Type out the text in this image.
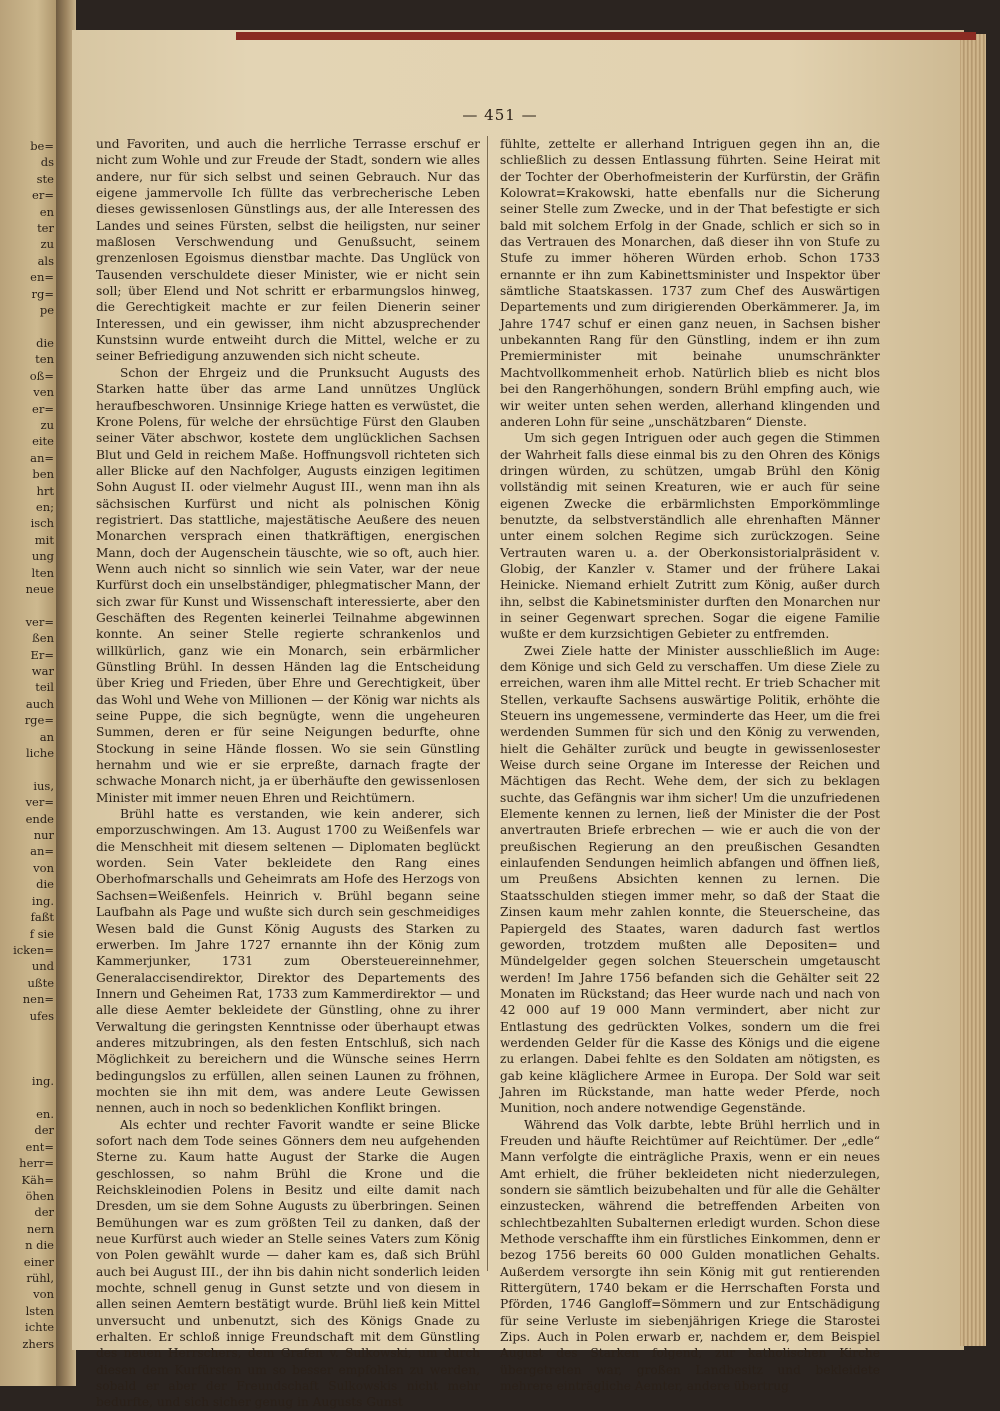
be=
ds
ste
er=
en
ter
zu
als
en=
rg=
pe

die
ten
oß=
ven
er=
zu
eite
an=
ben
hrt
en;
isch
mit
ung
lten
neue

ver=
ßen
Er=
war
teil
auch
rge=
an
liche

ius,
ver=
ende
nur
an=
von
die
ing.
faßt
f sie
icken=
und
ußte
nen=
ufes

ing.

en.
der
ent=
herr=
Käh=
öhen
der
nern
n die
einer
rühl,
von
lsten
ichte
zhers
— 451 —

und Favoriten, und auch die herrliche Terrasse erschuf er nicht zum Wohle und zur Freude der Stadt, sondern wie alles andere, nur für sich selbst und seinen Gebrauch. Nur das eigene jammervolle Ich füllte das verbrecherische Leben dieses gewissenlosen Günstlings aus, der alle Interessen des Landes und seines Fürsten, selbst die heiligsten, nur seiner maßlosen Verschwendung und Genußsucht, seinem grenzenlosen Egoismus dienstbar machte. Das Unglück von Tausenden verschuldete dieser Minister, wie er nicht sein soll; über Elend und Not schritt er erbarmungslos hinweg, die Gerechtigkeit machte er zur feilen Dienerin seiner Interessen, und ein gewisser, ihm nicht abzusprechender Kunstsinn wurde entweiht durch die Mittel, welche er zu seiner Befriedigung anzuwenden sich nicht scheute.

Schon der Ehrgeiz und die Prunksucht Augusts des Starken hatte über das arme Land unnützes Unglück heraufbeschworen. Unsinnige Kriege hatten es verwüstet, die Krone Polens, für welche der ehrsüchtige Fürst den Glauben seiner Väter abschwor, kostete dem unglücklichen Sachsen Blut und Geld in reichem Maße. Hoffnungsvoll richteten sich aller Blicke auf den Nachfolger, Augusts einzigen legitimen Sohn August II. oder vielmehr August III., wenn man ihn als sächsischen Kurfürst und nicht als polnischen König registriert. Das stattliche, majestätische Aeußere des neuen Monarchen versprach einen thatkräftigen, energischen Mann, doch der Augenschein täuschte, wie so oft, auch hier. Wenn auch nicht so sinnlich wie sein Vater, war der neue Kurfürst doch ein unselbständiger, phlegmatischer Mann, der sich zwar für Kunst und Wissenschaft interessierte, aber den Geschäften des Regenten keinerlei Teilnahme abgewinnen konnte. An seiner Stelle regierte schrankenlos und willkürlich, ganz wie ein Monarch, sein erbärmlicher Günstling Brühl. In dessen Händen lag die Entscheidung über Krieg und Frieden, über Ehre und Gerechtigkeit, über das Wohl und Wehe von Millionen — der König war nichts als seine Puppe, die sich begnügte, wenn die ungeheuren Summen, deren er für seine Neigungen bedurfte, ohne Stockung in seine Hände flossen. Wo sie sein Günstling hernahm und wie er sie erpreßte, darnach fragte der schwache Monarch nicht, ja er überhäufte den gewissenlosen Minister mit immer neuen Ehren und Reichtümern.

Brühl hatte es verstanden, wie kein anderer, sich emporzuschwingen. Am 13. August 1700 zu Weißenfels war die Menschheit mit diesem seltenen — Diplomaten beglückt worden. Sein Vater bekleidete den Rang eines Oberhofmarschalls und Geheimrats am Hofe des Herzogs von Sachsen=Weißenfels. Heinrich v. Brühl begann seine Laufbahn als Page und wußte sich durch sein geschmeidiges Wesen bald die Gunst König Augusts des Starken zu erwerben. Im Jahre 1727 ernannte ihn der König zum Kammerjunker, 1731 zum Obersteuereinnehmer, Generalaccisendirektor, Direktor des Departements des Innern und Geheimen Rat, 1733 zum Kammerdirektor — und alle diese Aemter bekleidete der Günstling, ohne zu ihrer Verwaltung die geringsten Kenntnisse oder überhaupt etwas anderes mitzubringen, als den festen Entschluß, sich nach Möglichkeit zu bereichern und die Wünsche seines Herrn bedingungslos zu erfüllen, allen seinen Launen zu fröhnen, mochten sie ihn mit dem, was andere Leute Gewissen nennen, auch in noch so bedenklichen Konflikt bringen.

Als echter und rechter Favorit wandte er seine Blicke sofort nach dem Tode seines Gönners dem neu aufgehenden Sterne zu. Kaum hatte August der Starke die Augen geschlossen, so nahm Brühl die Krone und die Reichskleinodien Polens in Besitz und eilte damit nach Dresden, um sie dem Sohne Augusts zu überbringen. Seinen Bemühungen war es zum größten Teil zu danken, daß der neue Kurfürst auch wieder an Stelle seines Vaters zum König von Polen gewählt wurde — daher kam es, daß sich Brühl auch bei August III., der ihn bis dahin nicht sonderlich leiden mochte, schnell genug in Gunst setzte und von diesem in allen seinen Aemtern bestätigt wurde. Brühl ließ kein Mittel unversucht und unbenutzt, sich des Königs Gnade zu erhalten. Er schloß innige Freundschaft mit dem Günstling des neuen Herrschers, dem Grafen v. Sulkowski, um durch diesen dem Kurfürsten um so besser empfohlen zu werden, sobald er aber der Freundschaft Sulkowskis nicht mehr bedurfte, und sich sicher genug in Augusts Gunst

fühlte, zettelte er allerhand Intriguen gegen ihn an, die schließlich zu dessen Entlassung führten. Seine Heirat mit der Tochter der Oberhofmeisterin der Kurfürstin, der Gräfin Kolowrat=Krakowski, hatte ebenfalls nur die Sicherung seiner Stelle zum Zwecke, und in der That befestigte er sich bald mit solchem Erfolg in der Gnade, schlich er sich so in das Vertrauen des Monarchen, daß dieser ihn von Stufe zu Stufe zu immer höheren Würden erhob. Schon 1733 ernannte er ihn zum Kabinettsminister und Inspektor über sämtliche Staatskassen. 1737 zum Chef des Auswärtigen Departements und zum dirigierenden Oberkämmerer. Ja, im Jahre 1747 schuf er einen ganz neuen, in Sachsen bisher unbekannten Rang für den Günstling, indem er ihn zum Premierminister mit beinahe unumschränkter Machtvollkommenheit erhob. Natürlich blieb es nicht blos bei den Rangerhöhungen, sondern Brühl empfing auch, wie wir weiter unten sehen werden, allerhand klingenden und anderen Lohn für seine „unschätzbaren“ Dienste.

Um sich gegen Intriguen oder auch gegen die Stimmen der Wahrheit falls diese einmal bis zu den Ohren des Königs dringen würden, zu schützen, umgab Brühl den König vollständig mit seinen Kreaturen, wie er auch für seine eigenen Zwecke die erbärmlichsten Emporkömmlinge benutzte, da selbstverständlich alle ehrenhaften Männer unter einem solchen Regime sich zurückzogen. Seine Vertrauten waren u. a. der Oberkonsistorialpräsident v. Globig, der Kanzler v. Stamer und der frühere Lakai Heinicke. Niemand erhielt Zutritt zum König, außer durch ihn, selbst die Kabinetsminister durften den Monarchen nur in seiner Gegenwart sprechen. Sogar die eigene Familie wußte er dem kurzsichtigen Gebieter zu entfremden.

Zwei Ziele hatte der Minister ausschließlich im Auge: dem Könige und sich Geld zu verschaffen. Um diese Ziele zu erreichen, waren ihm alle Mittel recht. Er trieb Schacher mit Stellen, verkaufte Sachsens auswärtige Politik, erhöhte die Steuern ins ungemessene, verminderte das Heer, um die frei werdenden Summen für sich und den König zu verwenden, hielt die Gehälter zurück und beugte in gewissenlosester Weise durch seine Organe im Interesse der Reichen und Mächtigen das Recht. Wehe dem, der sich zu beklagen suchte, das Gefängnis war ihm sicher! Um die unzufriedenen Elemente kennen zu lernen, ließ der Minister die der Post anvertrauten Briefe erbrechen — wie er auch die von der preußischen Regierung an den preußischen Gesandten einlaufenden Sendungen heimlich abfangen und öffnen ließ, um Preußens Absichten kennen zu lernen. Die Staatsschulden stiegen immer mehr, so daß der Staat die Zinsen kaum mehr zahlen konnte, die Steuerscheine, das Papiergeld des Staates, waren dadurch fast wertlos geworden, trotzdem mußten alle Depositen= und Mündelgelder gegen solchen Steuerschein umgetauscht werden! Im Jahre 1756 befanden sich die Gehälter seit 22 Monaten im Rückstand; das Heer wurde nach und nach von 42 000 auf 19 000 Mann vermindert, aber nicht zur Entlastung des gedrückten Volkes, sondern um die frei werdenden Gelder für die Kasse des Königs und die eigene zu erlangen. Dabei fehlte es den Soldaten am nötigsten, es gab keine kläglichere Armee in Europa. Der Sold war seit Jahren im Rückstande, man hatte weder Pferde, noch Munition, noch andere notwendige Gegenstände.

Während das Volk darbte, lebte Brühl herrlich und in Freuden und häufte Reichtümer auf Reichtümer. Der „edle“ Mann verfolgte die einträgliche Praxis, wenn er ein neues Amt erhielt, die früher bekleideten nicht niederzulegen, sondern sie sämtlich beizubehalten und für alle die Gehälter einzustecken, während die betreffenden Arbeiten von schlechtbezahlten Subalternen erledigt wurden. Schon diese Methode verschaffte ihm ein fürstliches Einkommen, denn er bezog 1756 bereits 60 000 Gulden monatlichen Gehalts. Außerdem versorgte ihn sein König mit gut rentierenden Rittergütern, 1740 bekam er die Herrschaften Forsta und Pförden, 1746 Gangloff=Sömmern und zur Entschädigung für seine Verluste im siebenjährigen Kriege die Starostei Zips. Auch in Polen erwarb er, nachdem er, dem Beispiel August des Starken folgend, zur katholischen Kirche übergetreten war, großen Landbesitz und bekleidete mehrere einträgliche Aemter, andere übertrug
